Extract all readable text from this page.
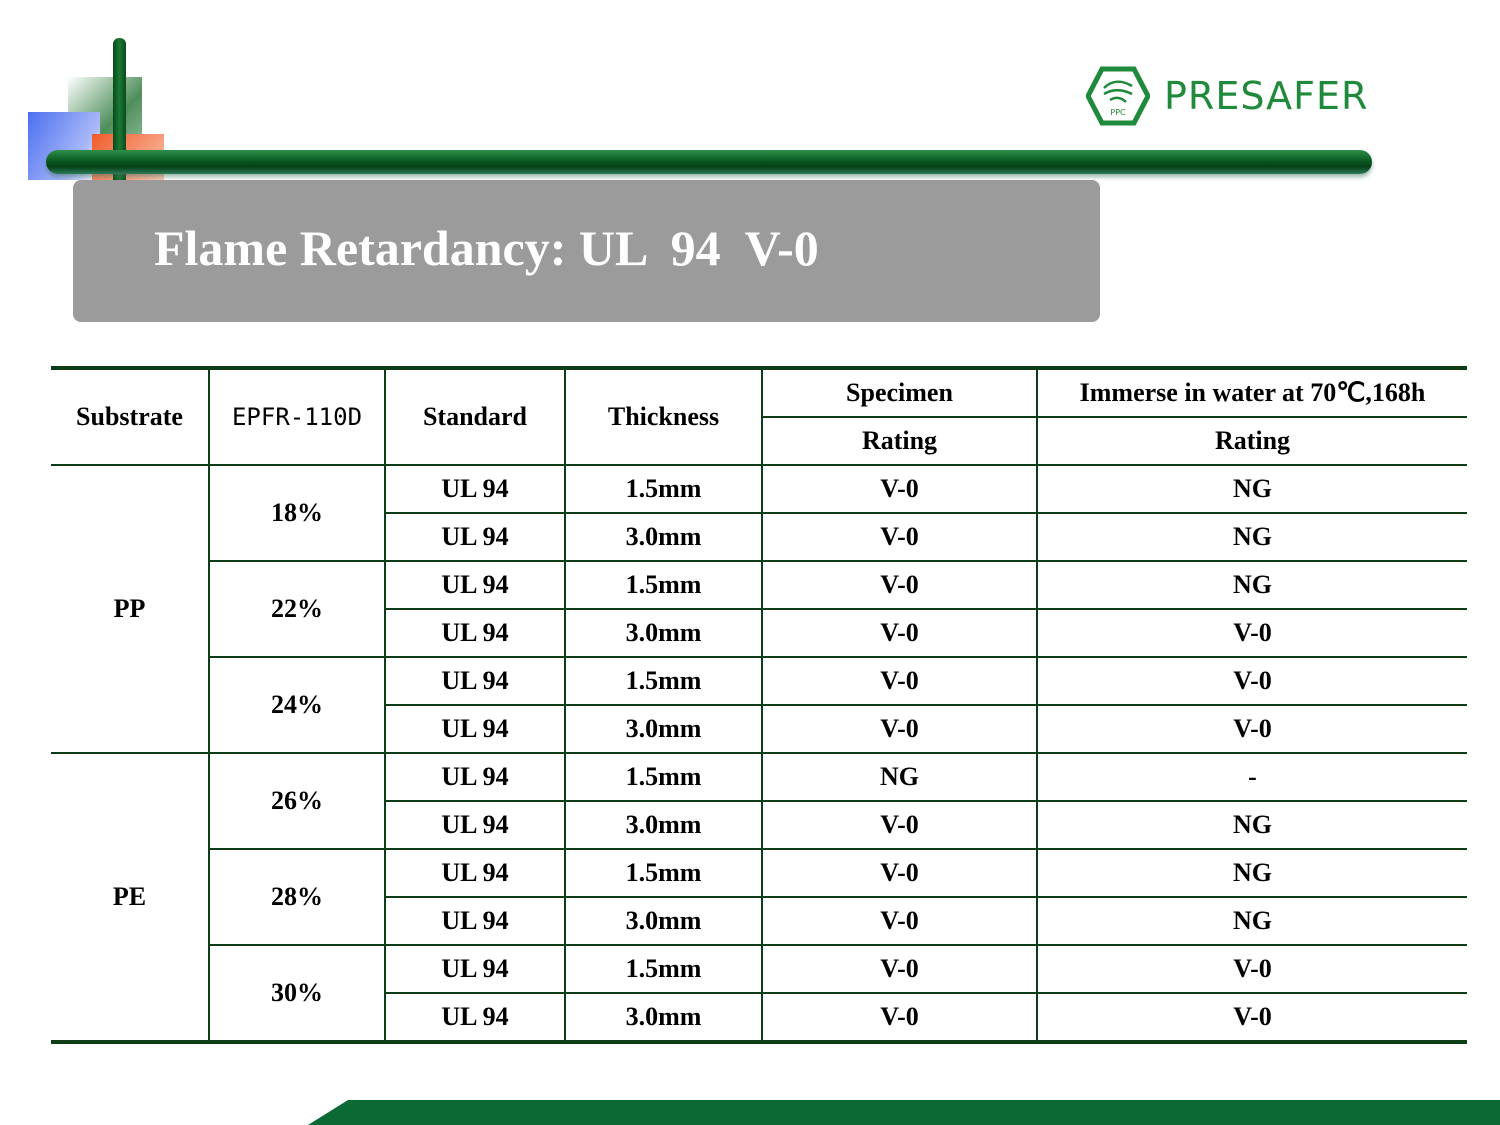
PPC PRESAFER
Flame Retardancy: UL  94  V-0
Substrate	EPFR-110D	Standard	Thickness	Specimen	Immerse in water at 70℃,168h
				Rating	Rating
PP	18%	UL 94	1.5mm	V-0	NG
		UL 94	3.0mm	V-0	NG
	22%	UL 94	1.5mm	V-0	NG
		UL 94	3.0mm	V-0	V-0
	24%	UL 94	1.5mm	V-0	V-0
		UL 94	3.0mm	V-0	V-0
PE	26%	UL 94	1.5mm	NG	-
		UL 94	3.0mm	V-0	NG
	28%	UL 94	1.5mm	V-0	NG
		UL 94	3.0mm	V-0	NG
	30%	UL 94	1.5mm	V-0	V-0
		UL 94	3.0mm	V-0	V-0
